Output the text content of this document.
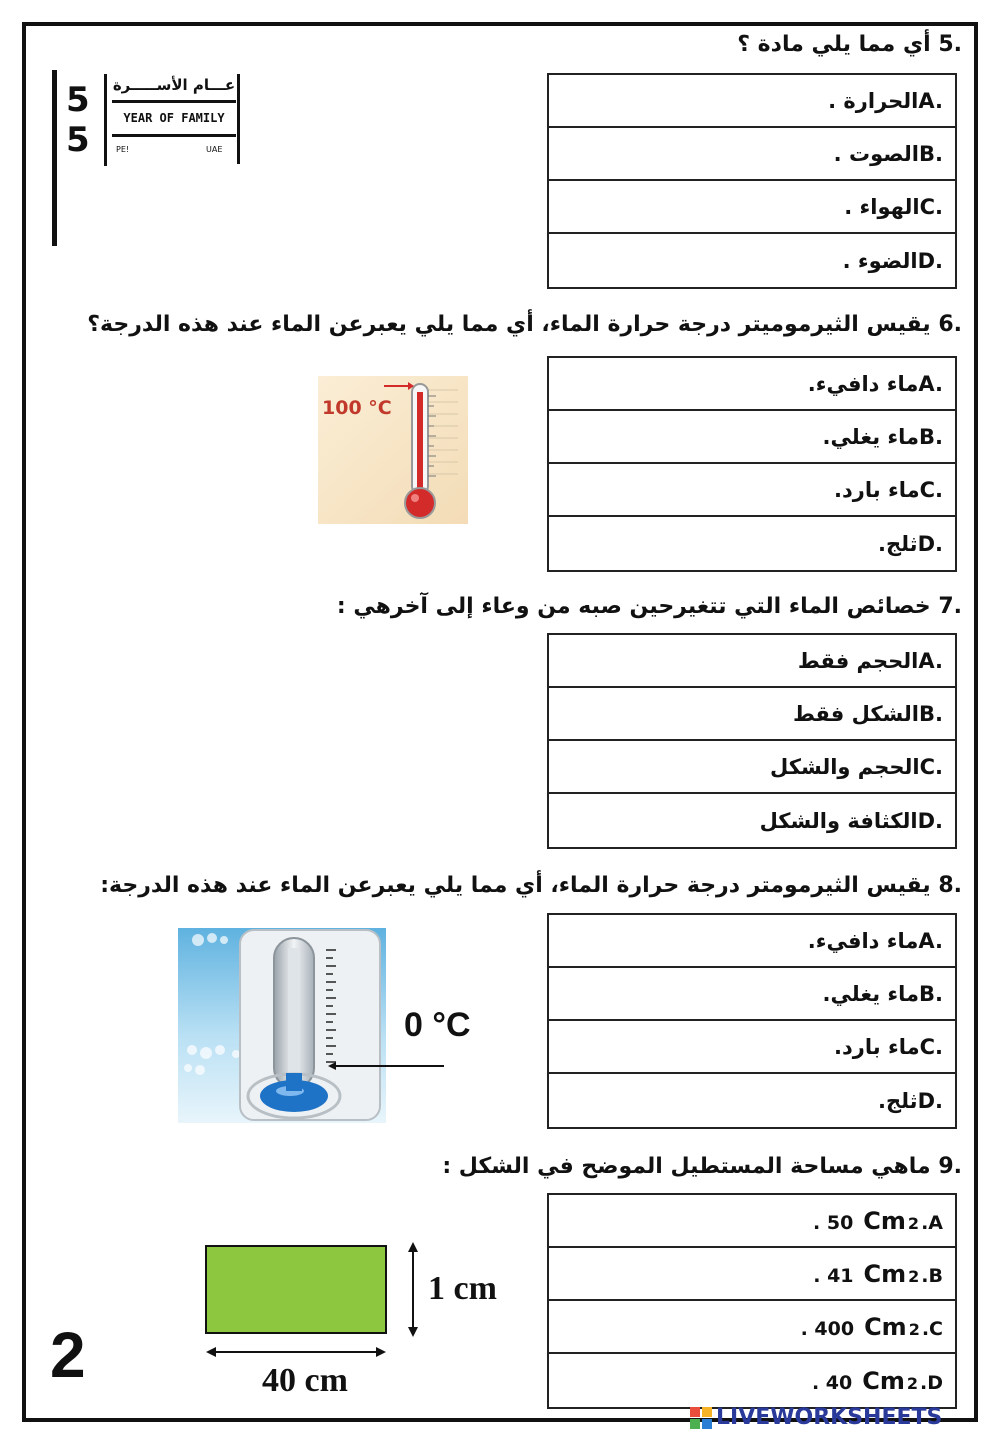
5
5
عـــام الأســـــرة
YEAR OF FAMILY
PE!	UAE
5. أي مما يلي مادة ؟
الحرارة . A.
الصوت . B.
الهواء . C.
الضوء . D.
6. يقيس الثيرموميتر درجة حرارة الماء، أي مما يلي يعبرعن الماء عند هذه الدرجة؟
100 °C
ماء دافيء. A.
ماء يغلي. B.
ماء بارد. C.
ثلج. D.
7. خصائص الماء التي تتغيرحين صبه من وعاء إلى آخرهي :
الحجم فقط A.
الشكل فقط B.
الحجم والشكل C.
الكثافة والشكل D.
8. يقيس الثيرمومتر درجة حرارة الماء، أي مما يلي يعبرعن الماء عند هذه الدرجة:
0 °C
ماء دافيء. A.
ماء يغلي. B.
ماء بارد. C.
ثلج. D.
9. ماهي مساحة المستطيل الموضح في الشكل :
1 cm
40 cm
. 50 Cm 2 .A
. 41 Cm 2 .B
. 400 Cm 2 .C
. 40 Cm 2 .D
2
LIVEWORKSHEETS
